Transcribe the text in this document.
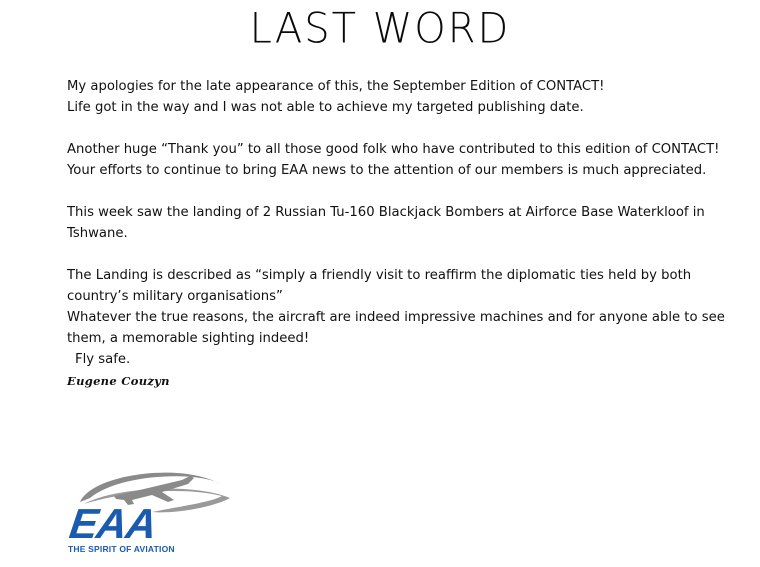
LAST WORD
My apologies for the late appearance of this, the September Edition of CONTACT!
Life got in the way and I was not able to achieve my targeted publishing date.
Another huge “Thank you” to all those good folk who have contributed to this edition of CONTACT!
Your efforts to continue to bring EAA news to the attention of our members is much appreciated.
This week saw the landing of 2 Russian Tu-160 Blackjack Bombers at Airforce Base Waterkloof in
Tshwane.
The Landing is described as “simply a friendly visit to reaffirm the diplomatic ties held by both
country’s military organisations”
Whatever the true reasons, the aircraft are indeed impressive machines and for anyone able to see
them, a memorable sighting indeed!
Fly safe.
Eugene Couzyn
EAA
THE SPIRIT OF AVIATION
